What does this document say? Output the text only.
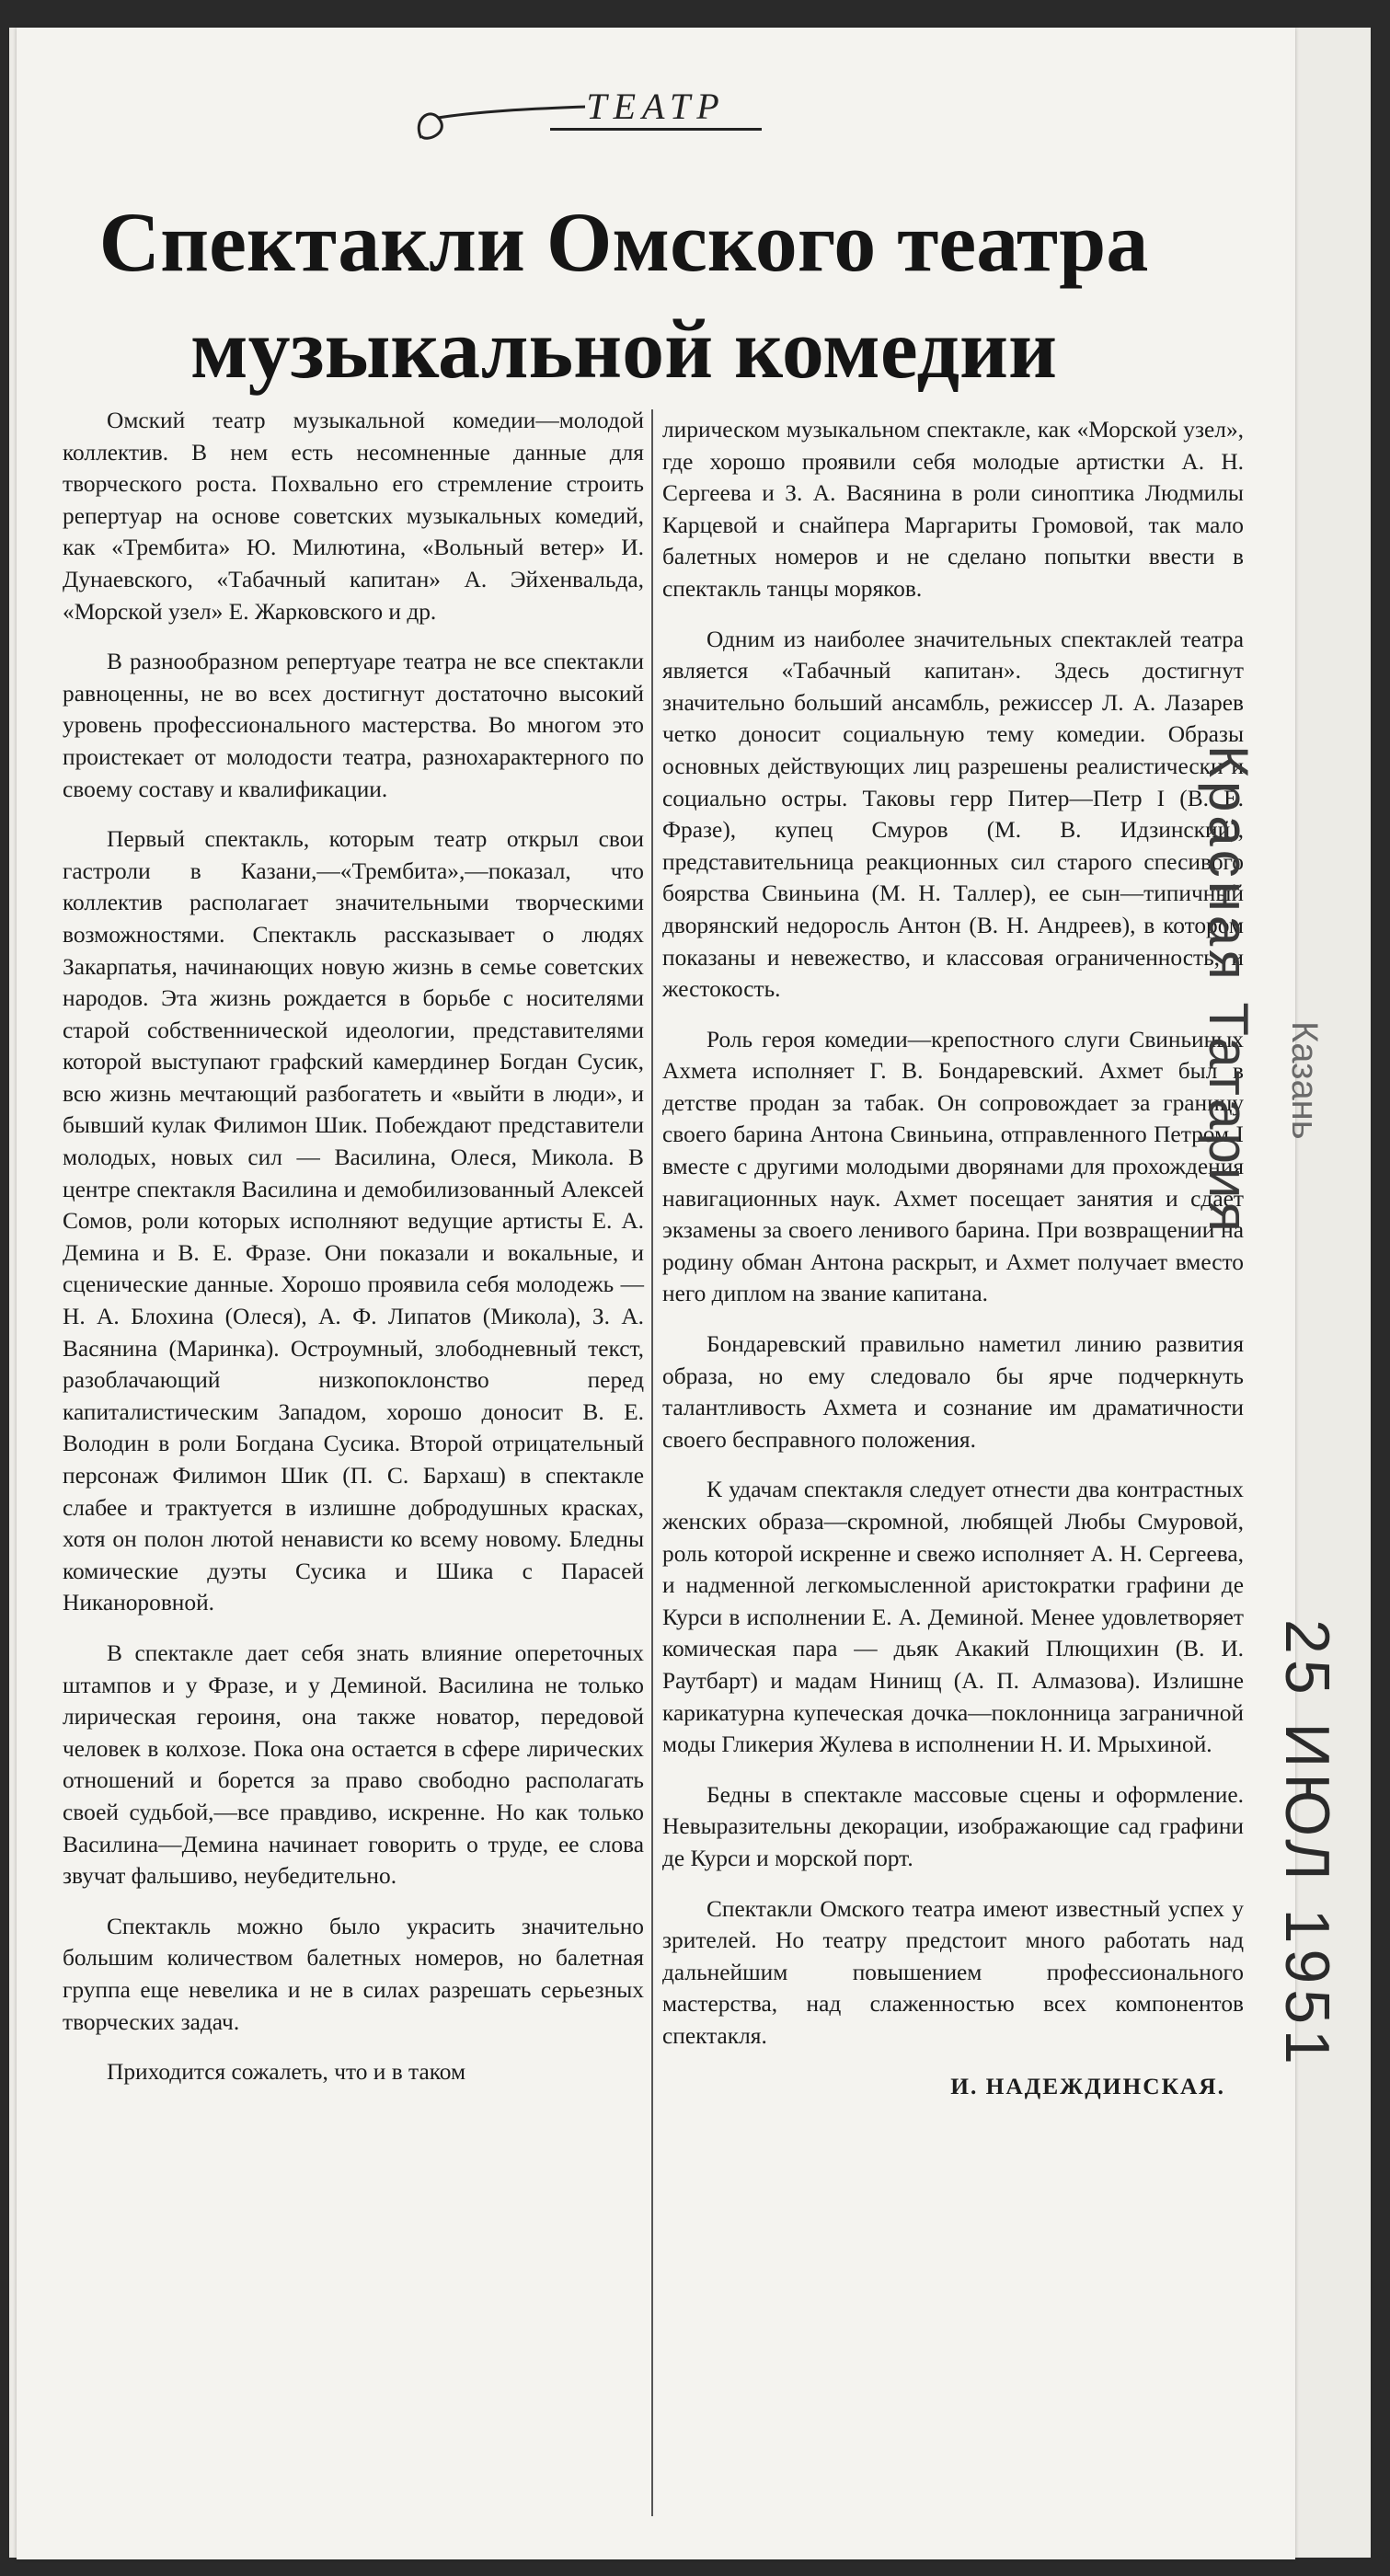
ТЕАТР
Спектакли Омского театра
музыкальной комедии

Омский театр музыкальной комедии—молодой коллектив. В нем есть несомненные данные для творческого роста. Похвально его стремление строить репертуар на основе советских музыкальных комедий, как «Трембита» Ю. Милютина, «Вольный ветер» И. Дунаевского, «Табачный капитан» А. Эйхенвальда, «Морской узел» Е. Жарковского и др.

В разнообразном репертуаре театра не все спектакли равноценны, не во всех достигнут достаточно высокий уровень профессионального мастерства. Во многом это проистекает от молодости театра, разнохарактерного по своему составу и квалификации.

Первый спектакль, которым театр открыл свои гастроли в Казани,—«Трембита»,—показал, что коллектив располагает значительными творческими возможностями. Спектакль рассказывает о людях Закарпатья, начинающих новую жизнь в семье советских народов. Эта жизнь рождается в борьбе с носителями старой собственнической идеологии, представителями которой выступают графский камердинер Богдан Сусик, всю жизнь мечтающий разбогатеть и «выйти в люди», и бывший кулак Филимон Шик. Побеждают представители молодых, новых сил — Василина, Олеся, Микола. В центре спектакля Василина и демобилизованный Алексей Сомов, роли которых исполняют ведущие артисты Е. А. Демина и В. Е. Фразе. Они показали и вокальные, и сценические данные. Хорошо проявила себя молодежь — Н. А. Блохина (Олеся), А. Ф. Липатов (Микола), З. А. Васянина (Маринка). Остроумный, злободневный текст, разоблачающий низкопоклонство перед капиталистическим Западом, хорошо доносит В. Е. Володин в роли Богдана Сусика. Второй отрицательный персонаж Филимон Шик (П. С. Бархаш) в спектакле слабее и трактуется в излишне добродушных красках, хотя он полон лютой ненависти ко всему новому. Бледны комические дуэты Сусика и Шика с Парасей Никаноровной.

В спектакле дает себя знать влияние опереточных штампов и у Фразе, и у Деминой. Василина не только лирическая героиня, она также новатор, передовой человек в колхозе. Пока она остается в сфере лирических отношений и борется за право свободно располагать своей судьбой,—все правдиво, искренне. Но как только Василина—Демина начинает говорить о труде, ее слова звучат фальшиво, неубедительно.

Спектакль можно было украсить значительно большим количеством балетных номеров, но балетная группа еще невелика и не в силах разрешать серьезных творческих задач.

Приходится сожалеть, что и в таком

лирическом музыкальном спектакле, как «Морской узел», где хорошо проявили себя молодые артистки А. Н. Сергеева и З. А. Васянина в роли синоптика Людмилы Карцевой и снайпера Маргариты Громовой, так мало балетных номеров и не сделано попытки ввести в спектакль танцы моряков.

Одним из наиболее значительных спектаклей театра является «Табачный капитан». Здесь достигнут значительно больший ансамбль, режиссер Л. А. Лазарев четко доносит социальную тему комедии. Образы основных действующих лиц разрешены реалистически и социально остры. Таковы герр Питер—Петр I (В. Е. Фразе), купец Смуров (М. В. Идзинский), представительница реакционных сил старого спесивого боярства Свиньина (М. Н. Таллер), ее сын—типичный дворянский недоросль Антон (В. Н. Андреев), в котором показаны и невежество, и классовая ограниченность, и жестокость.

Роль героя комедии—крепостного слуги Свиньиных Ахмета исполняет Г. В. Бондаревский. Ахмет был в детстве продан за табак. Он сопровождает за границу своего барина Антона Свиньина, отправленного Петром I вместе с другими молодыми дворянами для прохождения навигационных наук. Ахмет посещает занятия и сдает экзамены за своего ленивого барина. При возвращении на родину обман Антона раскрыт, и Ахмет получает вместо него диплом на звание капитана.

Бондаревский правильно наметил линию развития образа, но ему следовало бы ярче подчеркнуть талантливость Ахмета и сознание им драматичности своего бесправного положения.

К удачам спектакля следует отнести два контрастных женских образа—скромной, любящей Любы Смуровой, роль которой искренне и свежо исполняет А. Н. Сергеева, и надменной легкомысленной аристократки графини де Курси в исполнении Е. А. Деминой. Менее удовлетворяет комическая пара — дьяк Акакий Плющихин (В. И. Раутбарт) и мадам Нинищ (А. П. Алмазова). Излишне карикатурна купеческая дочка—поклонница заграничной моды Гликерия Жулева в исполнении Н. И. Мрыхиной.

Бедны в спектакле массовые сцены и оформление. Невыразительны декорации, изображающие сад графини де Курси и морской порт.

Спектакли Омского театра имеют известный успех у зрителей. Но театру предстоит много работать над дальнейшим повышением профессионального мастерства, над слаженностью всех компонентов спектакля.

И. НАДЕЖДИНСКАЯ.

Красная Татария Казань
25 ИЮЛ 1951
